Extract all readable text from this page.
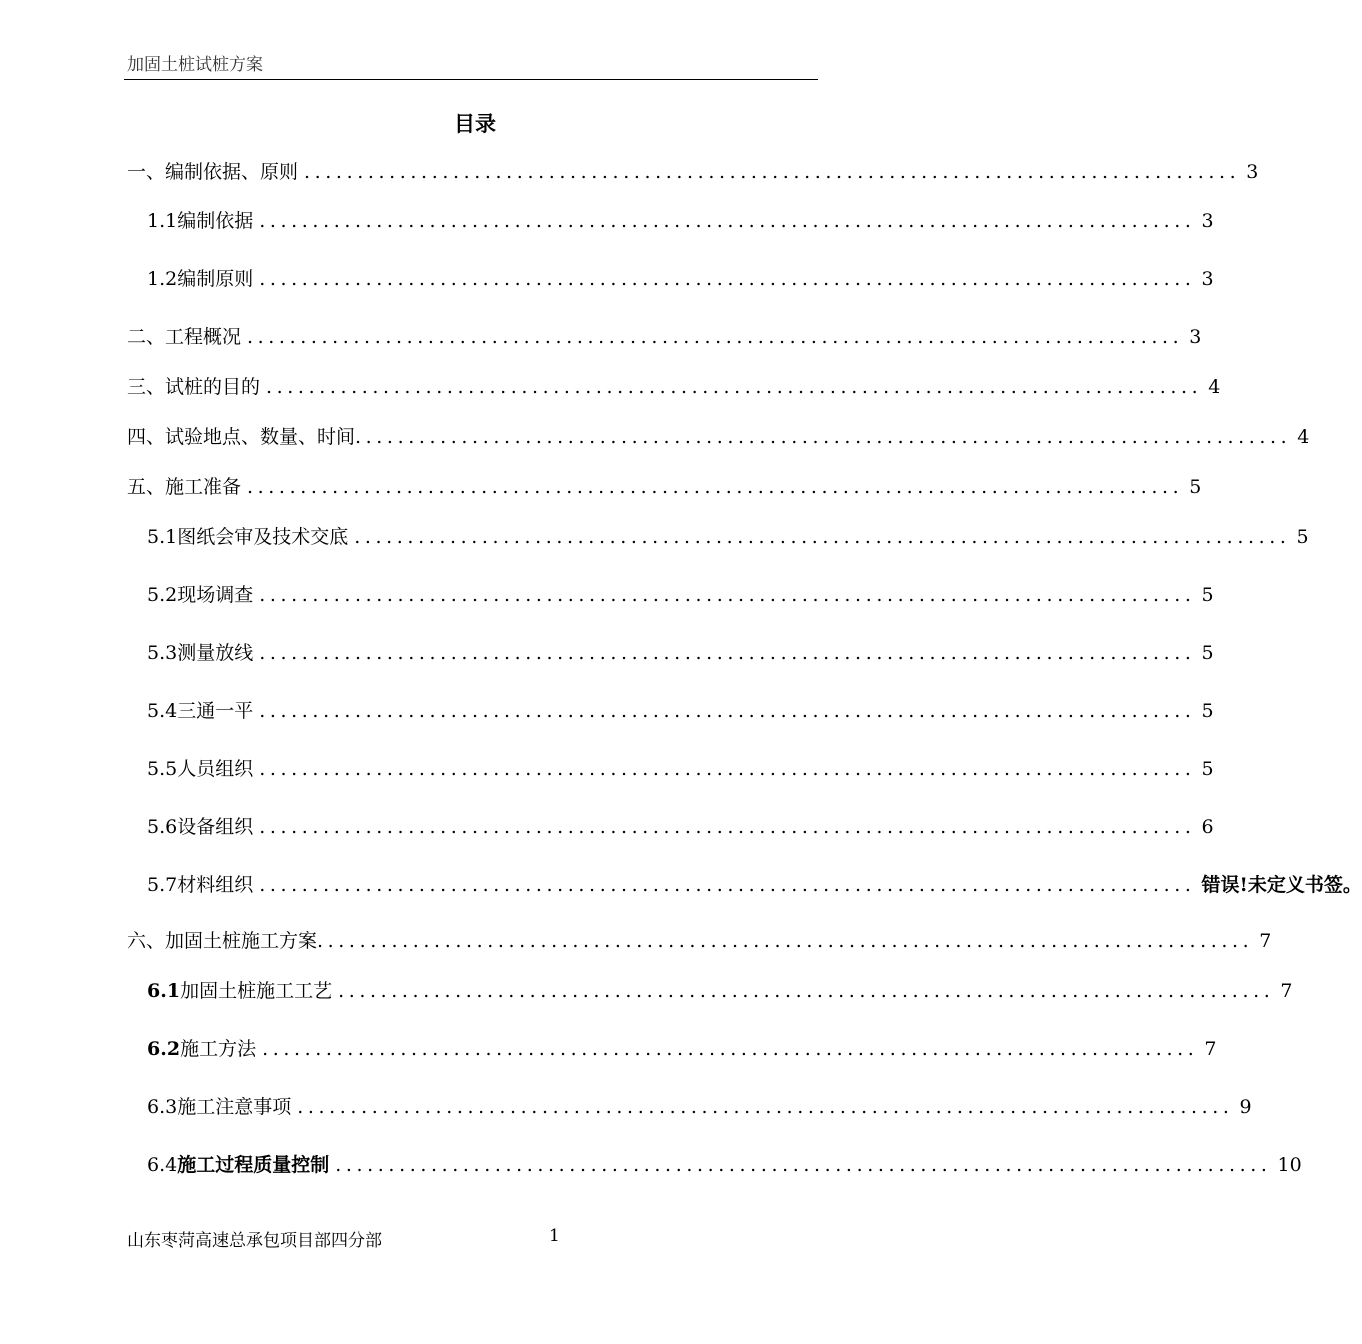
加固土桩试桩方案
目录
一、编制依据、原则 ........................................................................................ 3
1.1 编制依据 ........................................................................................ 3
1.2 编制原则 ........................................................................................ 3
二、工程概况 ........................................................................................ 3
三、试桩的目的 ........................................................................................ 4
四、试验地点、数量、时间 ........................................................................................ 4
五、施工准备 ........................................................................................ 5
5.1 图纸会审及技术交底 ........................................................................................ 5
5.2 现场调查 ........................................................................................ 5
5.3 测量放线 ........................................................................................ 5
5.4 三通一平 ........................................................................................ 5
5.5 人员组织 ........................................................................................ 5
5.6 设备组织 ........................................................................................ 6
5.7 材料组织 ........................................................................................ 错误!未定义书签。
六、加固土桩施工方案 ........................................................................................ 7
6.1 加固土桩施工工艺 ........................................................................................ 7
6.2 施工方法 ........................................................................................ 7
6.3 施工注意事项 ........................................................................................ 9
6.4 施工过程质量控制 ........................................................................................ 10
山东枣菏高速总承包项目部四分部	1
